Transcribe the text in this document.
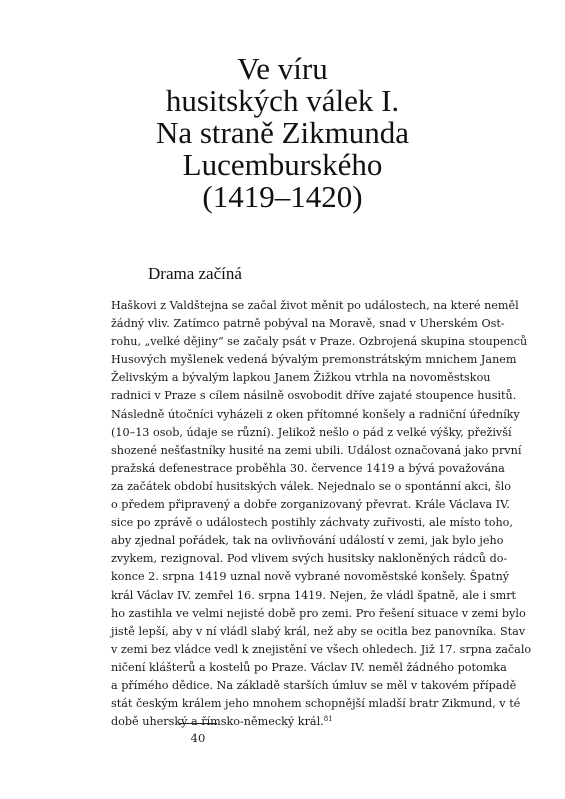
Ve víru
husitských válek I.
Na straně Zikmunda
Lucemburského
(1419–1420)
Drama začíná
Haškovi z Valdštejna se začal život měnit po událostech, na které neměl
žádný vliv. Zatímco patrně pobýval na Moravě, snad v Uherském Ost-
rohu, „velké dějiny“ se začaly psát v Praze. Ozbrojená skupina stoupenců
Husových myšlenek vedená bývalým premonstrátským mnichem Janem
Želivským a bývalým lapkou Janem Žižkou vtrhla na novoměstskou
radnici v Praze s cílem násilně osvobodit dříve zajaté stoupence husitů.
Následně útočníci vyházeli z oken přítomné konšely a radniční úředníky
(10–13 osob, údaje se různí). Jelikož nešlo o pád z velké výšky, přeživší
shozené nešťastníky husité na zemi ubili. Událost označovaná jako první
pražská defenestrace proběhla 30. července 1419 a bývá považována
za začátek období husitských válek. Nejednalo se o spontánní akci, šlo
o předem připravený a dobře zorganizovaný převrat. Krále Václava IV.
sice po zprávě o událostech postihly záchvaty zuřivosti, ale místo toho,
aby zjednal pořádek, tak na ovlivňování událostí v zemi, jak bylo jeho
zvykem, rezignoval. Pod vlivem svých husitsky nakloněných rádců do-
konce 2. srpna 1419 uznal nově vybrané novoměstské konšely. Špatný
král Václav IV. zemřel 16. srpna 1419. Nejen, že vládl špatně, ale i smrt
ho zastihla ve velmi nejisté době pro zemi. Pro řešení situace v zemi bylo
jistě lepší, aby v ní vládl slabý král, než aby se ocitla bez panovníka. Stav
v zemi bez vládce vedl k znejistění ve všech ohledech. Již 17. srpna začalo
ničení klášterů a kostelů po Praze. Václav IV. neměl žádného potomka
a přímého dědice. Na základě starších úmluv se měl v takovém případě
stát českým králem jeho mnohem schopnější mladší bratr Zikmund, v té
době uherský a římsko-německý král.$^{81}$
40
